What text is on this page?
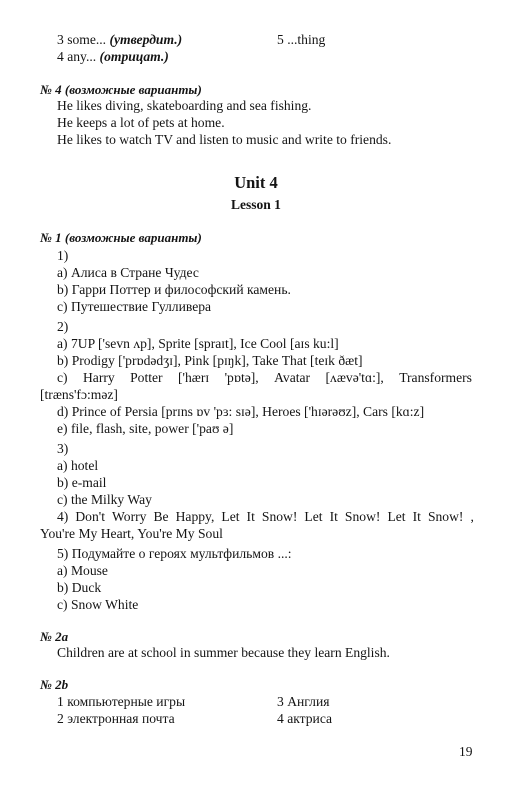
3 some... (утвердит.)	5 ...thing
4 any... (отрицат.)
№ 4 (возможные варианты)
He likes diving, skateboarding and sea fishing.
He keeps a lot of pets at home.
He likes to watch TV and listen to music and write to friends.
Unit 4
Lesson 1
№ 1 (возможные варианты)
1)
a) Алиса в Стране Чудес
b) Гарри Поттер и философский камень.
c) Путешествие Гулливера
2)
a) 7UP ['sevn ʌp], Sprite [spraɪt], Ice Cool [aɪs ku:l]
b) Prodigy ['prɒdədʒɪ], Pink [pɪŋk], Take That [teɪk ðæt]
c) Harry Potter ['hærɪ 'pɒtə], Avatar [ʌævə'tɑ:], Transformers
[træns'fɔ:məz]
d) Prince of Persia [prɪns ɒv 'pɜ: sɪə], Heroes ['hɪərəʊz], Cars [kɑ:z]
e) file, flash, site, power ['paʊ ə]
3)
a) hotel
b) e-mail
c) the Milky Way
4) Don't Worry Be Happy, Let It Snow! Let It Snow! Let It Snow! ,
You're My Heart, You're My Soul
5) Подумайте о героях мультфильмов ...:
a) Mouse
b) Duck
c) Snow White
№ 2a
Children are at school in summer because they learn English.
№ 2b
1 компьютерные игры	3 Англия
2 электронная почта	4 актриса
19
